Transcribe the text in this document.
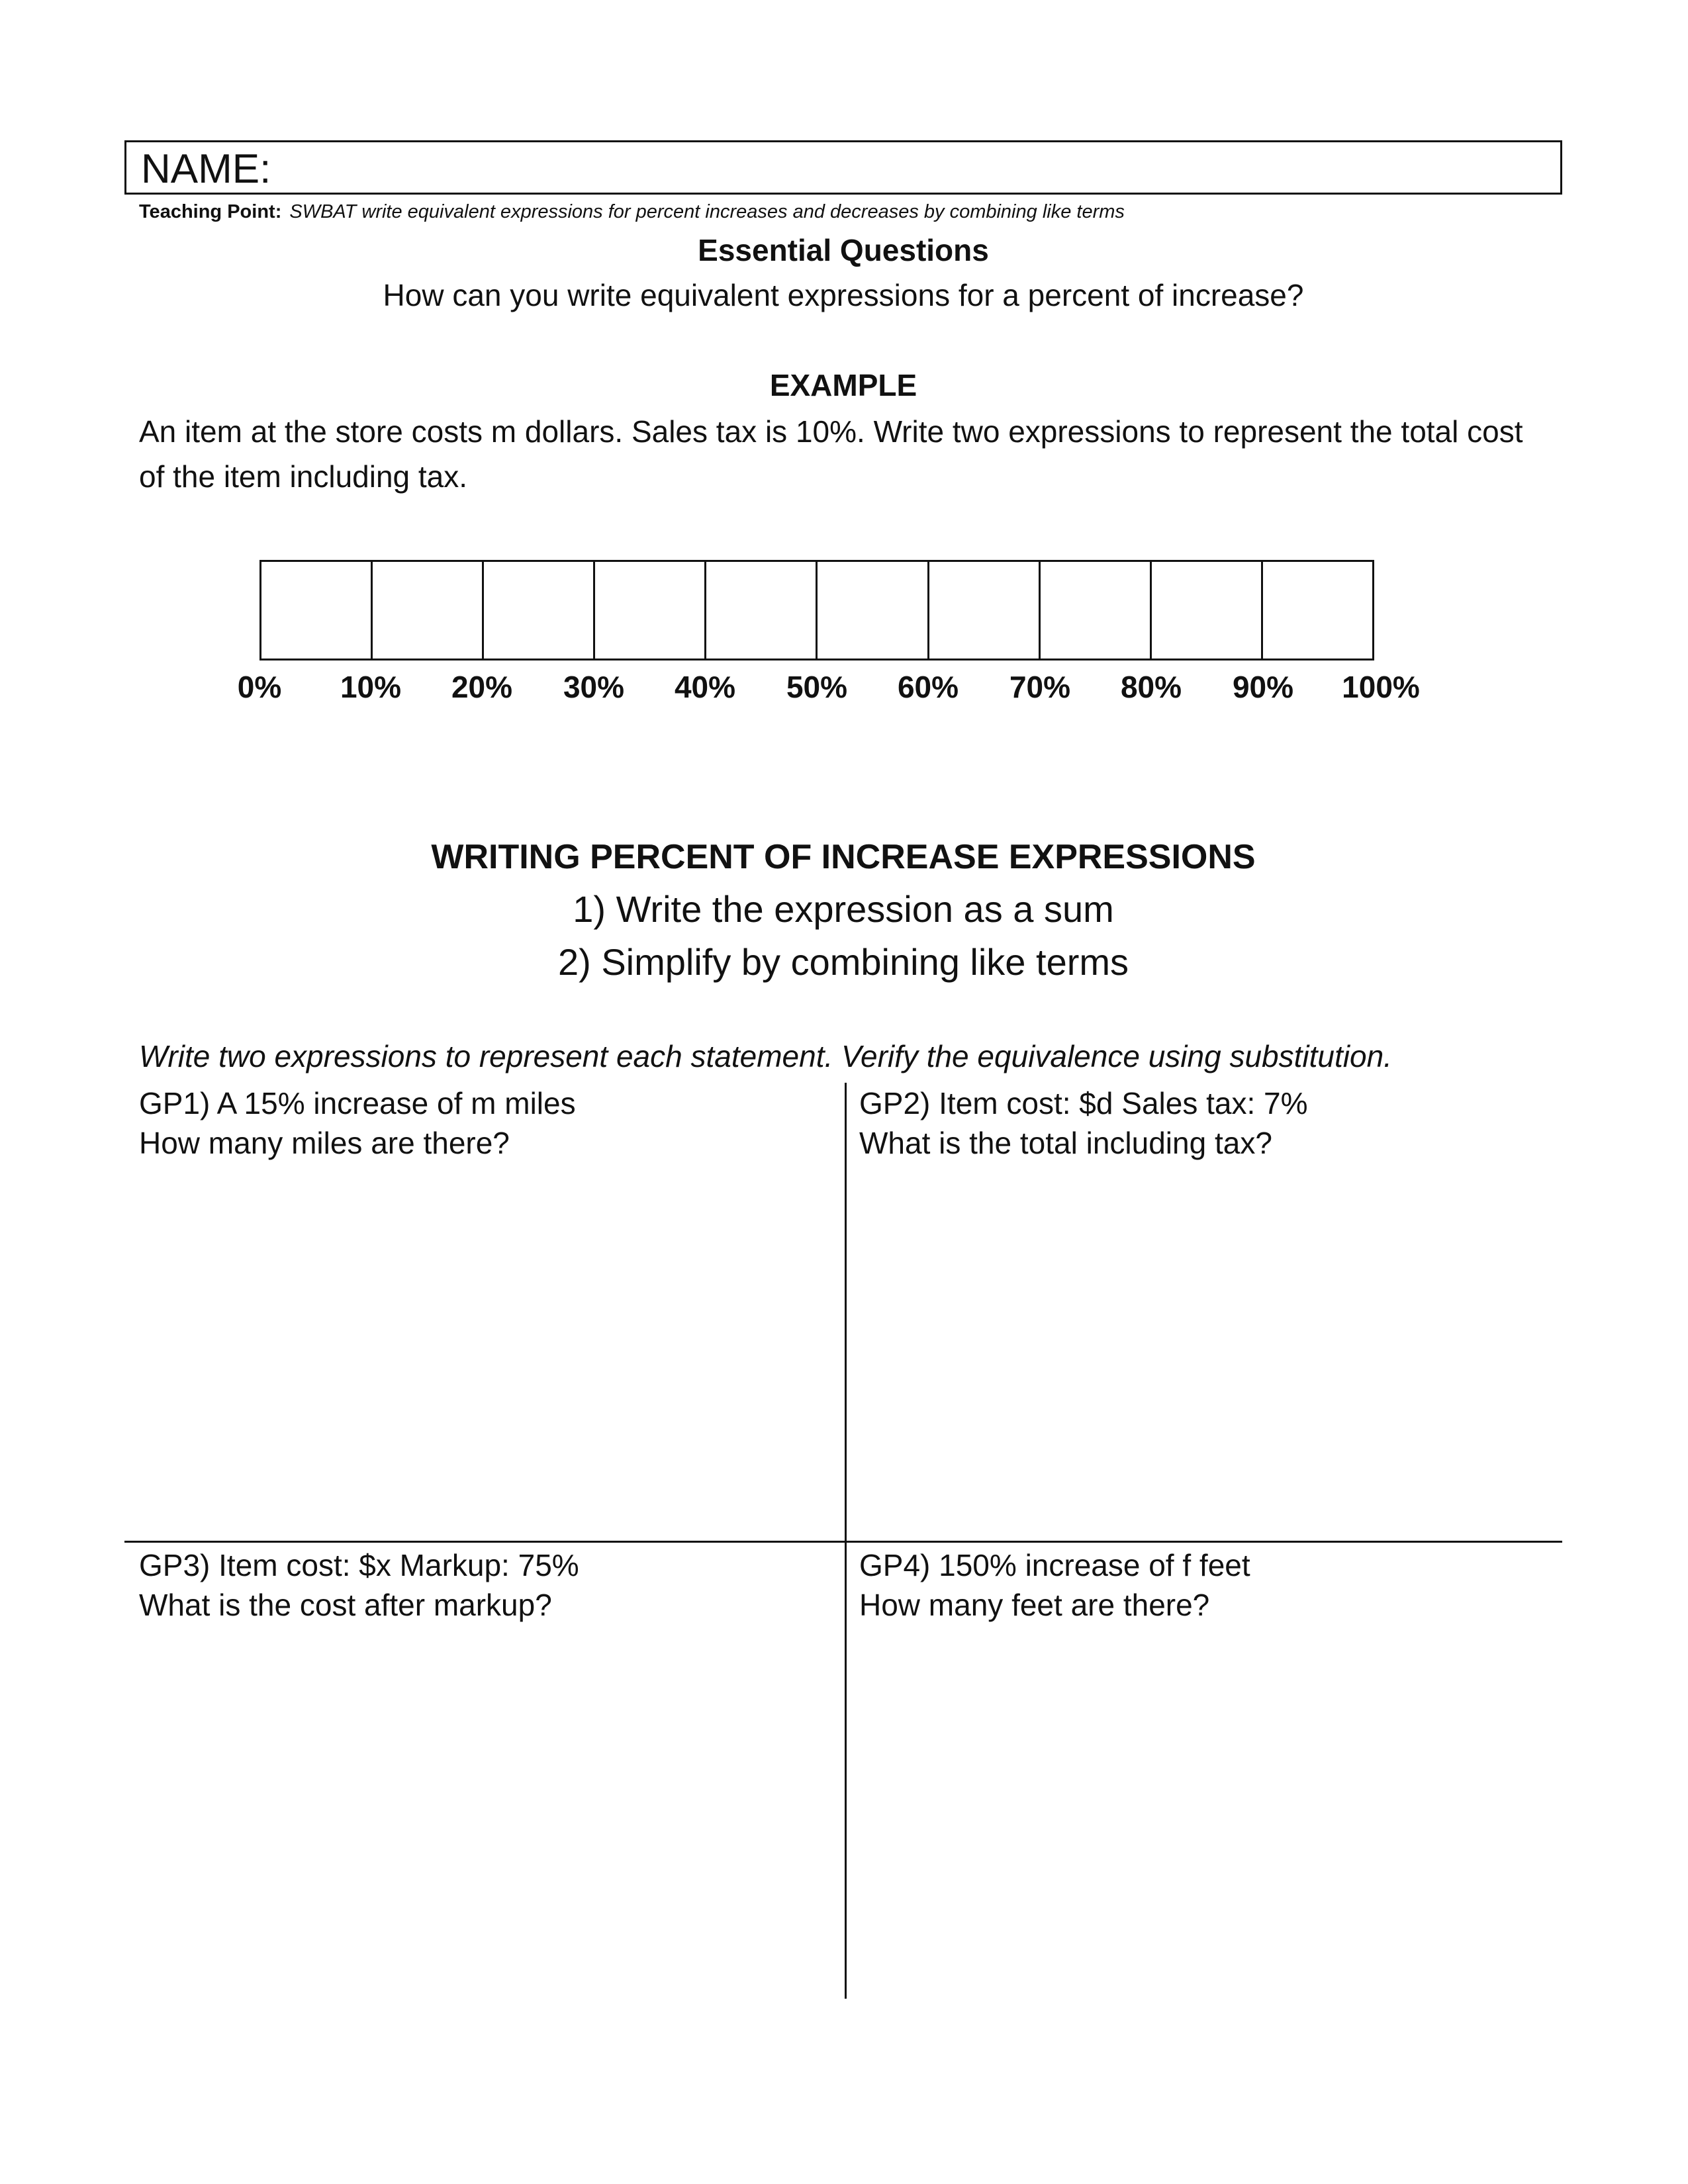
NAME:
Teaching Point: SWBAT write equivalent expressions for percent increases and decreases by combining like terms
Essential Questions
How can you write equivalent expressions for a percent of increase?
EXAMPLE
An item at the store costs m dollars. Sales tax is 10%. Write two expressions to represent the total cost of the item including tax.
0%	10%	20%	30%	40%	50%	60%	70%	80%	90%	100%
WRITING PERCENT OF INCREASE EXPRESSIONS
1) Write the expression as a sum
2) Simplify by combining like terms
Write two expressions to represent each statement. Verify the equivalence using substitution.
GP1) A 15% increase of m miles
How many miles are there?
GP2) Item cost: $d Sales tax: 7%
What is the total including tax?
GP3) Item cost: $x Markup: 75%
What is the cost after markup?
GP4) 150% increase of f feet
How many feet are there?
